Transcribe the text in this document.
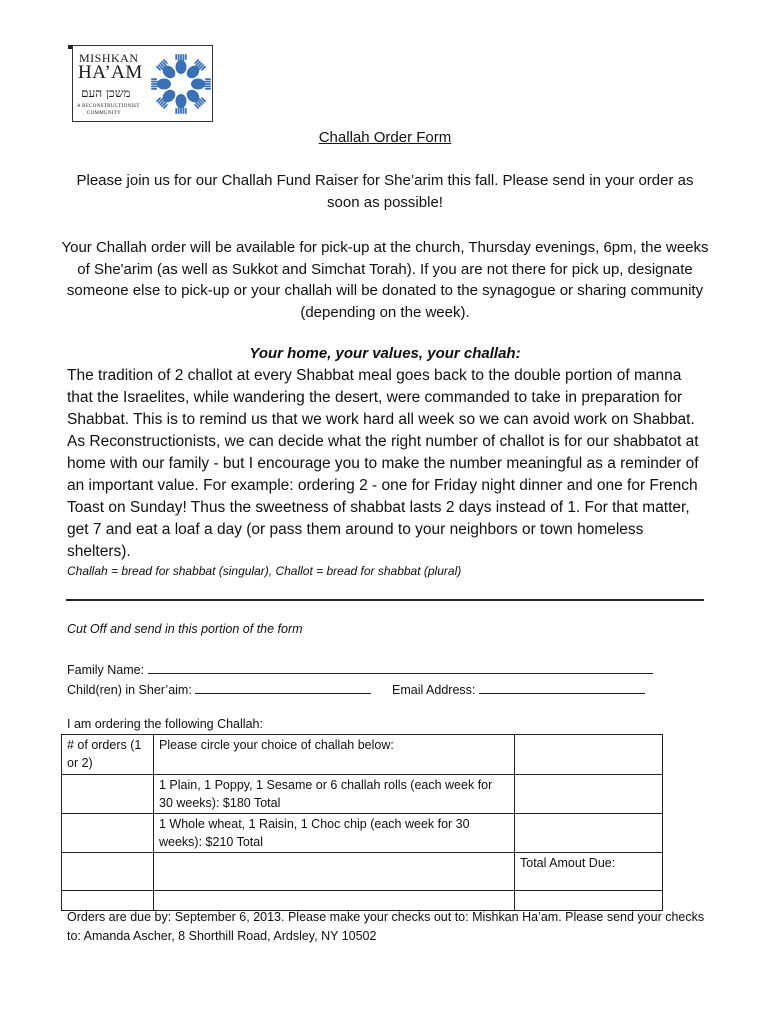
MISHKAN
HA’AM
משכן העם
A RECONSTRUCTIONIST
COMMUNITY
Challah Order Form
Please join us for our Challah Fund Raiser for She’arim this fall. Please send in your order as soon as possible!
Your Challah order will be available for pick-up at the church, Thursday evenings, 6pm, the weeks of She'arim (as well as Sukkot and Simchat Torah). If you are not there for pick up, designate someone else to pick-up or your challah will be donated to the synagogue or sharing community (depending on the week).
Your home, your values, your challah:
The tradition of 2 challot at every Shabbat meal goes back to the double portion of manna that the Israelites, while wandering the desert, were commanded to take in preparation for Shabbat. This is to remind us that we work hard all week so we can avoid work on Shabbat. As Reconstructionists, we can decide what the right number of challot is for our shabbatot at home with our family - but I encourage you to make the number meaningful as a reminder of an important value. For example: ordering 2 - one for Friday night dinner and one for French Toast on Sunday! Thus the sweetness of shabbat lasts 2 days instead of 1. For that matter, get 7 and eat a loaf a day (or pass them around to your neighbors or town homeless shelters).
Challah = bread for shabbat (singular), Challot = bread for shabbat (plural)
Cut Off and send in this portion of the form
Family Name:
Child(ren) in Sher’aim:	Email Address:
I am ordering the following Challah:
# of orders (1 or 2)	Please circle your choice of challah below:	
	1 Plain, 1 Poppy, 1 Sesame or 6 challah rolls (each week for 30 weeks): $180 Total	
	1 Whole wheat, 1 Raisin, 1 Choc chip (each week for 30 weeks): $210 Total	
		Total Amout Due:

Orders are due by: September 6, 2013. Please make your checks out to: Mishkan Ha’am. Please send your checks to: Amanda Ascher, 8 Shorthill Road, Ardsley, NY 10502
